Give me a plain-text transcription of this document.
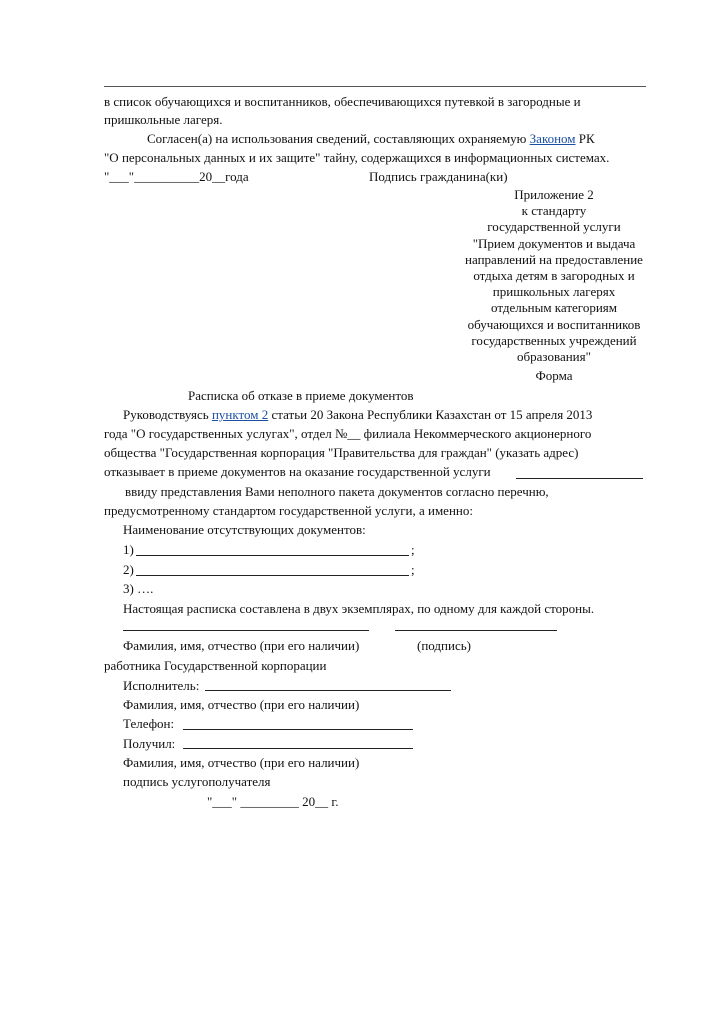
в список обучающихся и воспитанников, обеспечивающихся путевкой в загородные и
пришкольные лагеря.
Согласен(а) на использования сведений, составляющих охраняемую Законом РК
"О персональных данных и их защите" тайну, содержащихся в информационных системах.
"___"__________20__года	Подпись гражданина(ки)
Приложение 2
к стандарту
государственной услуги
"Прием документов и выдача
направлений на предоставление
отдыха детям в загородных и
пришкольных лагерях
отдельным категориям
обучающихся и воспитанников
государственных учреждений
образования"
Форма
Расписка об отказе в приеме документов
Руководствуясь пунктом 2 статьи 20 Закона Республики Казахстан от 15 апреля 2013
года "О государственных услугах", отдел №__ филиала Некоммерческого акционерного
общества "Государственная корпорация "Правительства для граждан" (указать адрес)
отказывает в приеме документов на оказание государственной услуги
ввиду представления Вами неполного пакета документов согласно перечню,
предусмотренному стандартом государственной услуги, а именно:
Наименование отсутствующих документов:
1)	;
2)	;
3) ….
Настоящая расписка составлена в двух экземплярах, по одному для каждой стороны.
Фамилия, имя, отчество (при его наличии)	(подпись)
работника Государственной корпорации
Исполнитель:
Фамилия, имя, отчество (при его наличии)
Телефон:
Получил:
Фамилия, имя, отчество (при его наличии)
подпись услугополучателя
"___" _________ 20__ г.
